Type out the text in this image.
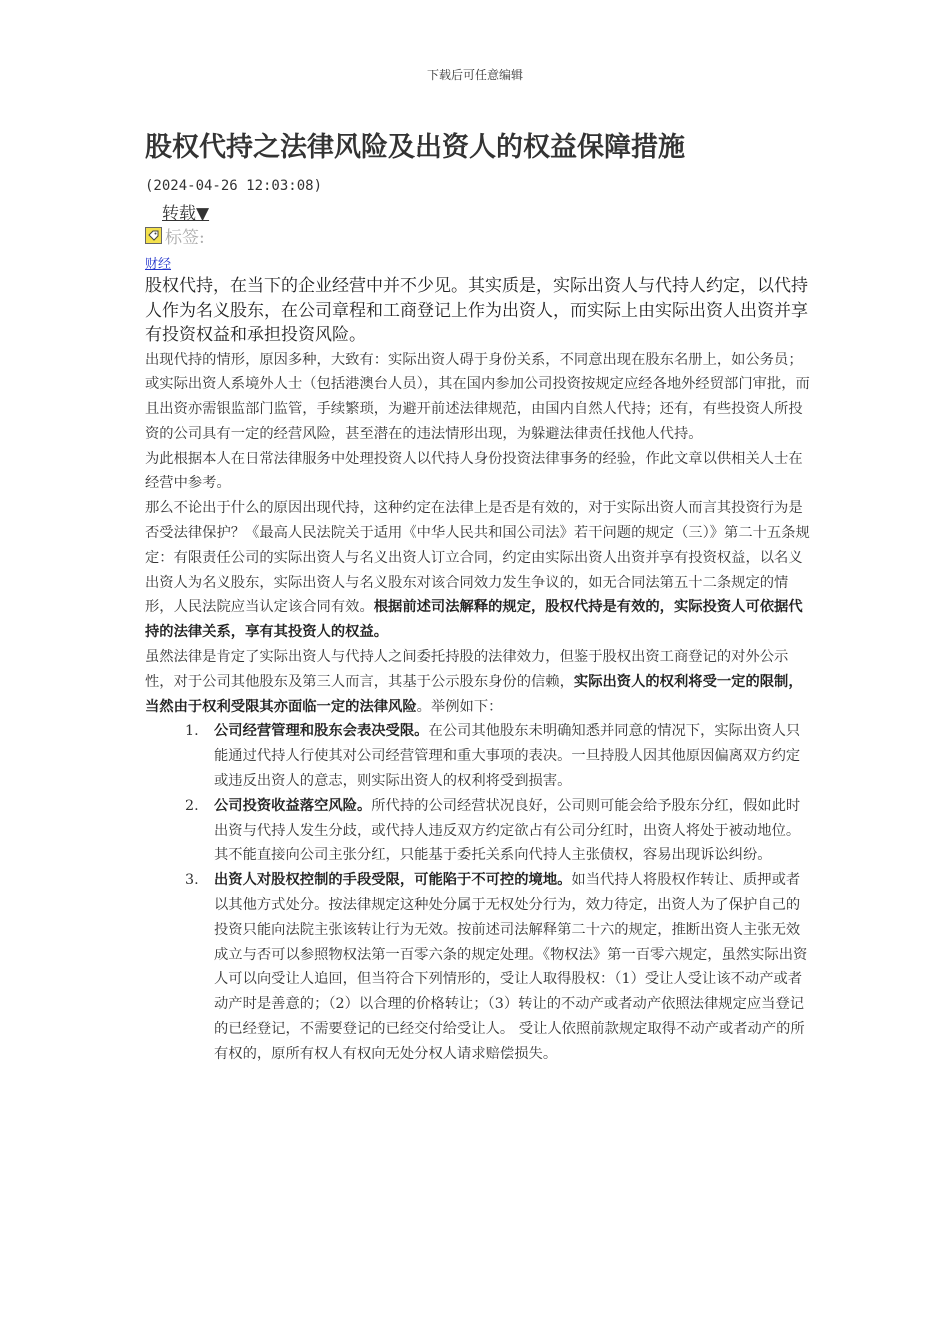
下载后可任意编辑
股权代持之法律风险及出资人的权益保障措施
(2024-04-26 12:03:08)
转载▼
标签:
财经

股权代持，在当下的企业经营中并不少见。其实质是，实际出资人与代持人约定，以代持人作为名义股东，在公司章程和工商登记上作为出资人，而实际上由实际出资人出资并享有投资权益和承担投资风险。

出现代持的情形，原因多种，大致有：实际出资人碍于身份关系，不同意出现在股东名册上，如公务员；或实际出资人系境外人士（包括港澳台人员），其在国内参加公司投资按规定应经各地外经贸部门审批，而且出资亦需银监部门监管，手续繁琐，为避开前述法律规范，由国内自然人代持；还有，有些投资人所投资的公司具有一定的经营风险，甚至潜在的违法情形出现，为躲避法律责任找他人代持。

为此根据本人在日常法律服务中处理投资人以代持人身份投资法律事务的经验，作此文章以供相关人士在经营中参考。

那么不论出于什么的原因出现代持，这种约定在法律上是否是有效的，对于实际出资人而言其投资行为是否受法律保护？《最高人民法院关于适用《中华人民共和国公司法》若干问题的规定（三）》第二十五条规定：有限责任公司的实际出资人与名义出资人订立合同，约定由实际出资人出资并享有投资权益，以名义出资人为名义股东，实际出资人与名义股东对该合同效力发生争议的，如无合同法第五十二条规定的情形，人民法院应当认定该合同有效。根据前述司法解释的规定，股权代持是有效的，实际投资人可依据代持的法律关系，享有其投资人的权益。

虽然法律是肯定了实际出资人与代持人之间委托持股的法律效力，但鉴于股权出资工商登记的对外公示性，对于公司其他股东及第三人而言，其基于公示股东身份的信赖，实际出资人的权利将受一定的限制，当然由于权利受限其亦面临一定的法律风险。举例如下：

1. 公司经营管理和股东会表决受限。在公司其他股东未明确知悉并同意的情况下，实际出资人只能通过代持人行使其对公司经营管理和重大事项的表决。一旦持股人因其他原因偏离双方约定或违反出资人的意志，则实际出资人的权利将受到损害。
2. 公司投资收益落空风险。所代持的公司经营状况良好，公司则可能会给予股东分红，假如此时出资与代持人发生分歧，或代持人违反双方约定欲占有公司分红时，出资人将处于被动地位。其不能直接向公司主张分红，只能基于委托关系向代持人主张债权，容易出现诉讼纠纷。
3. 出资人对股权控制的手段受限，可能陷于不可控的境地。如当代持人将股权作转让、质押或者以其他方式处分。按法律规定这种处分属于无权处分行为，效力待定，出资人为了保护自己的投资只能向法院主张该转让行为无效。按前述司法解释第二十六的规定，推断出资人主张无效成立与否可以参照物权法第一百零六条的规定处理。《物权法》第一百零六规定，虽然实际出资人可以向受让人追回，但当符合下列情形的，受让人取得股权：（1）受让人受让该不动产或者动产时是善意的；（2）以合理的价格转让；（3）转让的不动产或者动产依照法律规定应当登记的已经登记，不需要登记的已经交付给受让人。 受让人依照前款规定取得不动产或者动产的所有权的，原所有权人有权向无处分权人请求赔偿损失。
